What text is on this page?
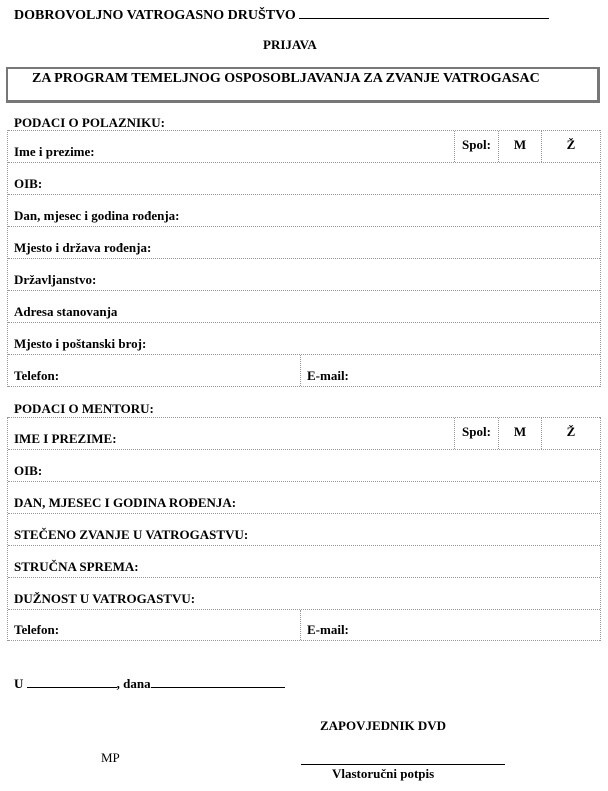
DOBROVOLJNO VATROGASNO DRUŠTVO
PRIJAVA
ZA PROGRAM TEMELJNOG OSPOSOBLJAVANJA ZA ZVANJE VATROGASAC
PODACI O POLAZNIKU:
Ime i prezime:	Spol: M	Ž
OIB:
Dan, mjesec i godina rođenja:
Mjesto i država rođenja:
Državljanstvo:
Adresa stanovanja
Mjesto i poštanski broj:
Telefon:	E-mail:
PODACI O MENTORU:
IME I PREZIME:	Spol: M	Ž
OIB:
DAN, MJESEC I GODINA ROĐENJA:
STEČENO ZVANJE U VATROGASTVU:
STRUČNA SPREMA:
DUŽNOST U VATROGASTVU:
Telefon:	E-mail:
U	, dana
ZAPOVJEDNIK DVD
MP
Vlastoručni potpis
